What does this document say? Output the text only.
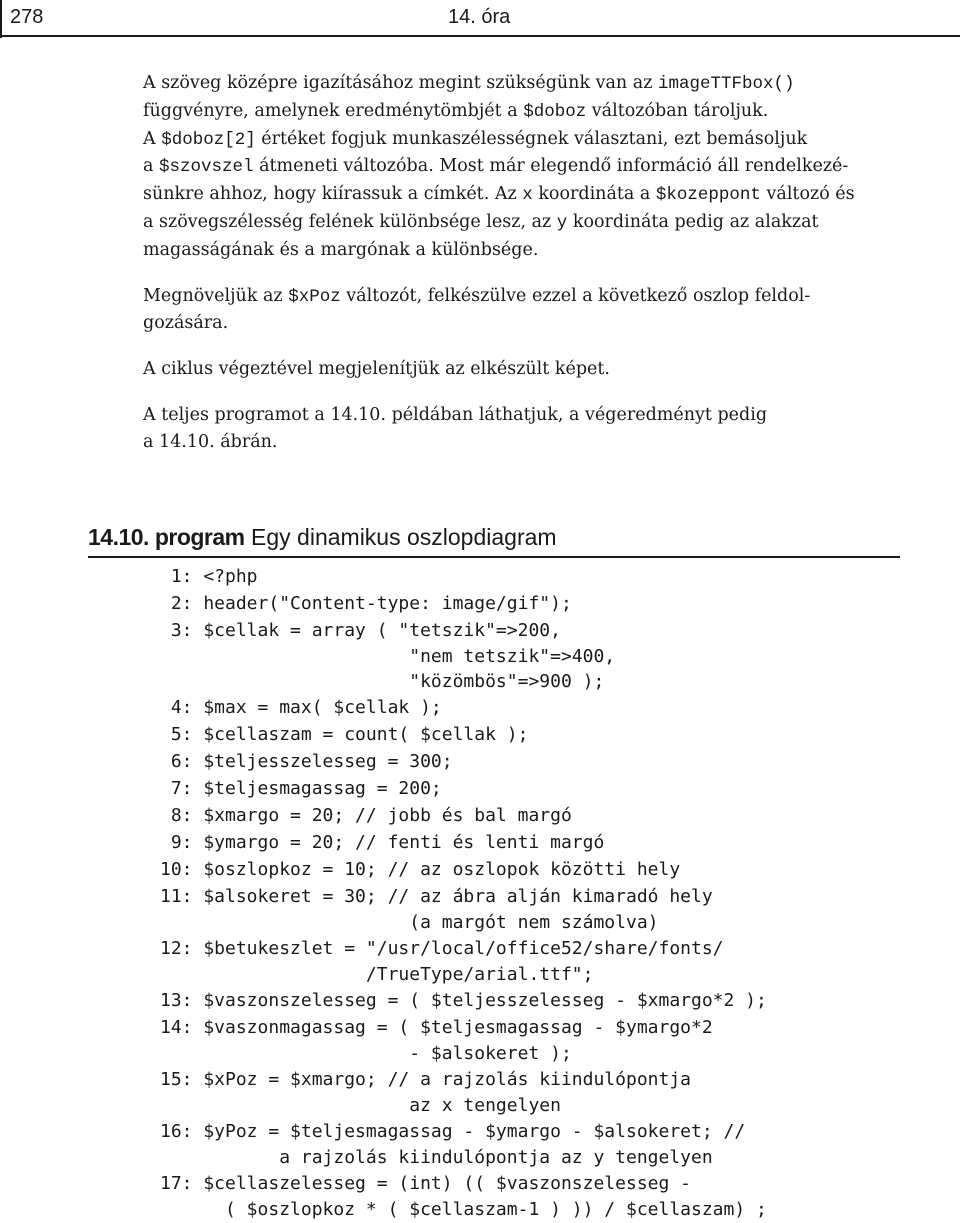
278	14. óra

A szöveg középre igazításához megint szükségünk van az imageTTFbox()
függvényre, amelynek eredménytömbjét a $doboz változóban tároljuk.
A $doboz[2] értéket fogjuk munkaszélességnek választani, ezt bemásoljuk
a $szovszel átmeneti változóba. Most már elegendő információ áll rendelkezé-
sünkre ahhoz, hogy kiírassuk a címkét. Az x koordináta a $kozeppont változó és
a szövegszélesség felének különbsége lesz, az y koordináta pedig az alakzat
magasságának és a margónak a különbsége.

Megnöveljük az $xPoz változót, felkészülve ezzel a következő oszlop feldol-
gozására.

A ciklus végeztével megjelenítjük az elkészült képet.

A teljes programot a 14.10. példában láthatjuk, a végeredményt pedig
a 14.10. ábrán.

14.10. program Egy dinamikus oszlopdiagram
1: <?php
2: header("Content-type: image/gif");
3: $cellak = array ( "tetszik"=>200,
"nem tetszik"=>400,
"közömbös"=>900 );
4: $max = max( $cellak );
5: $cellaszam = count( $cellak );
6: $teljesszelesseg = 300;
7: $teljesmagassag = 200;
8: $xmargo = 20; // jobb és bal margó
9: $ymargo = 20; // fenti és lenti margó
10: $oszlopkoz = 10; // az oszlopok közötti hely
11: $alsokeret = 30; // az ábra alján kimaradó hely
(a margót nem számolva)
12: $betukeszlet = "/usr/local/office52/share/fonts/
/TrueType/arial.ttf";
13: $vaszonszelesseg = ( $teljesszelesseg - $xmargo*2 );
14: $vaszonmagassag = ( $teljesmagassag - $ymargo*2
- $alsokeret );
15: $xPoz = $xmargo; // a rajzolás kiindulópontja
az x tengelyen
16: $yPoz = $teljesmagassag - $ymargo - $alsokeret; //
a rajzolás kiindulópontja az y tengelyen
17: $cellaszelesseg = (int) (( $vaszonszelesseg -
( $oszlopkoz * ( $cellaszam-1 ) )) / $cellaszam) ;
